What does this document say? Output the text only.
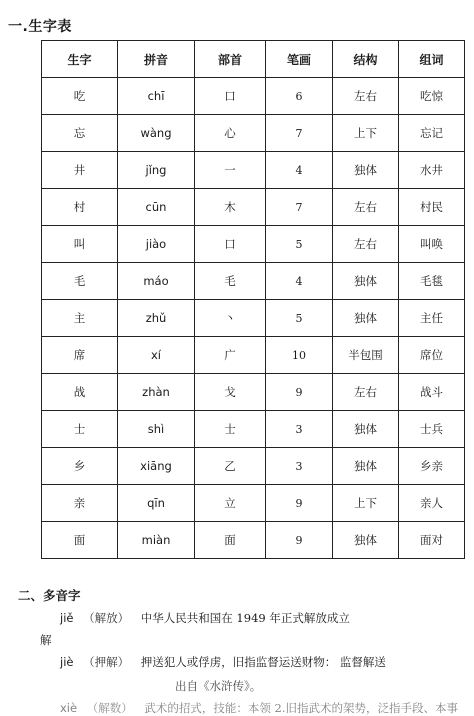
一.生字表
生字	拼音	部首	笔画	结构	组词
吃	chī	口	6	左右	吃惊
忘	wàng	心	7	上下	忘记
井	jǐng	一	4	独体	水井
村	cūn	木	7	左右	村民
叫	jiào	口	5	左右	叫唤
毛	máo	毛	4	独体	毛毯
主	zhǔ	丶	5	独体	主任
席	xí	广	10	半包围	席位
战	zhàn	戈	9	左右	战斗
士	shì	士	3	独体	士兵
乡	xiāng	乙	3	独体	乡亲
亲	qīn	立	9	上下	亲人
面	miàn	面	9	独体	面对
二、多音字
jiě （解放） 中华人民共和国在 1949 年正式解放成立
解
jiè （押解） 押送犯人或俘虏，旧指监督运送财物： 监督解送
出自《水浒传》。
xiè （解数） 武术的招式，技能：本领 2.旧指武术的架势，泛指手段、本事
